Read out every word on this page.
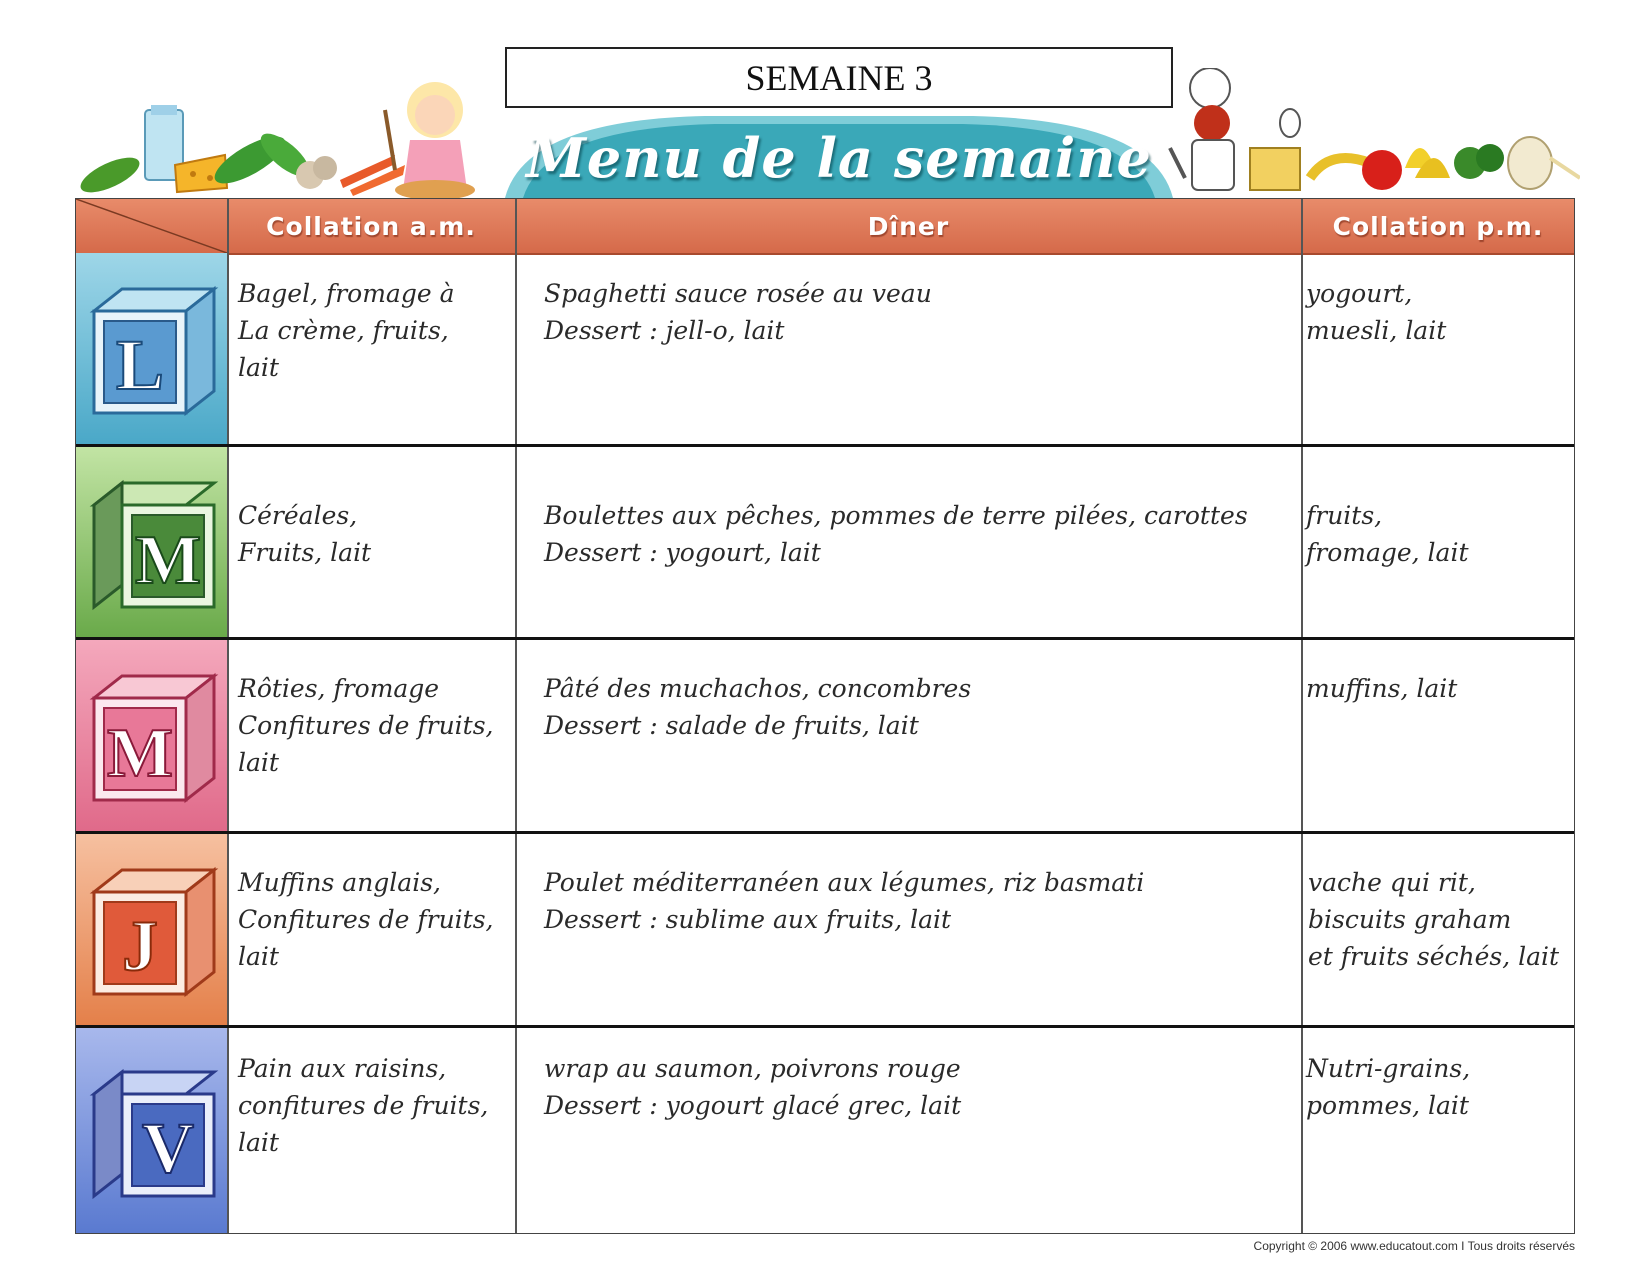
SEMAINE 3
Menu de la semaine
Collation a.m.	Dîner	Collation p.m.
L
Bagel, fromage à
La crème, fruits,
lait
Spaghetti sauce rosée au veau
Dessert : jell-o, lait
yogourt,
muesli, lait
M
Céréales,
Fruits, lait
Boulettes aux pêches, pommes de terre pilées, carottes
Dessert : yogourt, lait
fruits,
fromage, lait
M
Rôties, fromage
Confitures de fruits,
lait
Pâté des muchachos, concombres
Dessert : salade de fruits, lait
muffins, lait
J
Muffins anglais,
Confitures de fruits,
lait
Poulet méditerranéen aux légumes, riz basmati
Dessert : sublime aux fruits, lait
vache qui rit,
biscuits graham
et fruits séchés, lait
V
Pain aux raisins,
confitures de fruits,
lait
wrap au saumon, poivrons rouge
Dessert : yogourt glacé grec, lait
Nutri-grains,
pommes, lait
Copyright © 2006 www.educatout.com I Tous droits réservés
